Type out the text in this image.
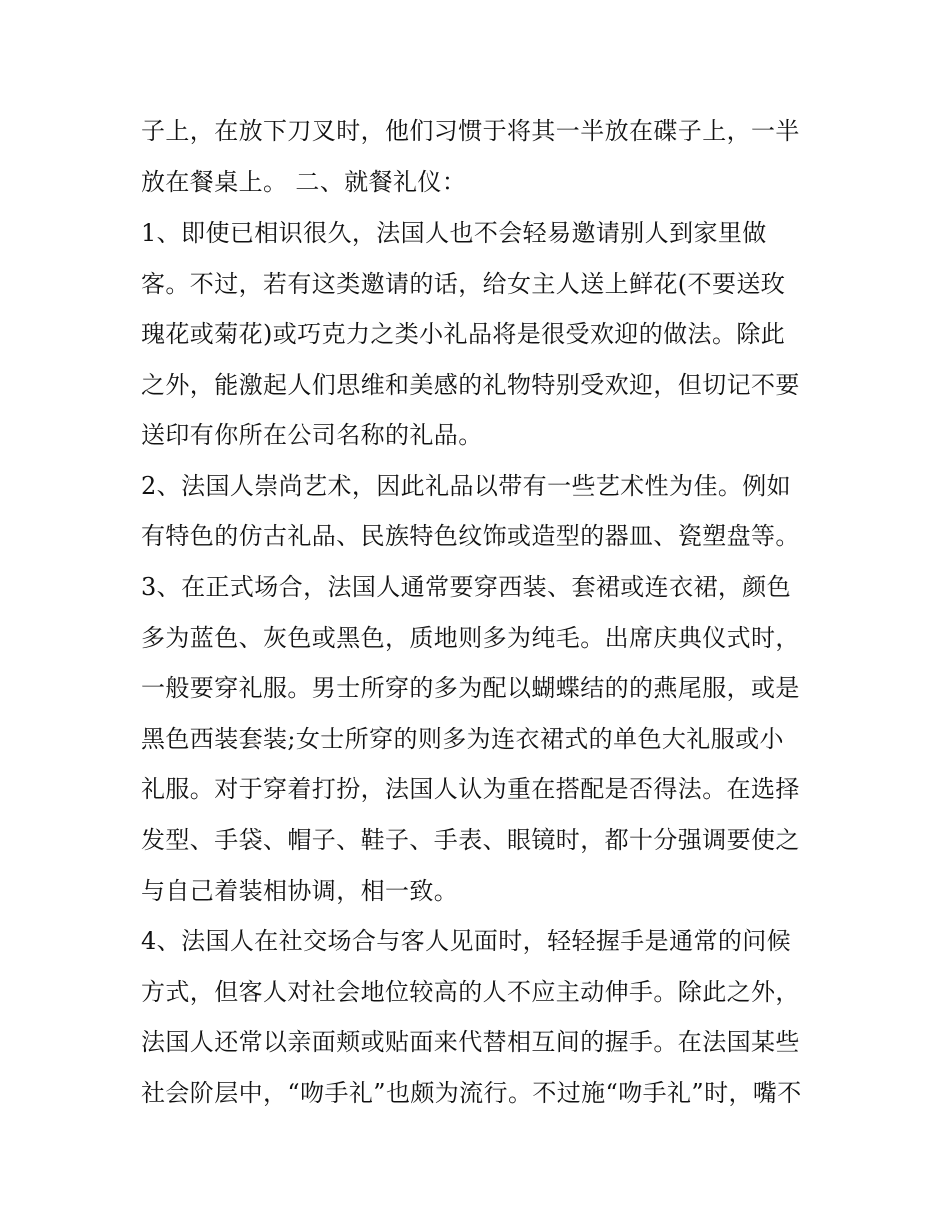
子上，在放下刀叉时，他们习惯于将其一半放在碟子上，一半
放在餐桌上。 二、就餐礼仪：
1、即使已相识很久，法国人也不会轻易邀请别人到家里做
客。不过，若有这类邀请的话，给女主人送上鲜花(不要送玫
瑰花或菊花)或巧克力之类小礼品将是很受欢迎的做法。除此
之外，能激起人们思维和美感的礼物特别受欢迎，但切记不要
送印有你所在公司名称的礼品。
2、法国人崇尚艺术，因此礼品以带有一些艺术性为佳。例如
有特色的仿古礼品、民族特色纹饰或造型的器皿、瓷塑盘等。
3、在正式场合，法国人通常要穿西装、套裙或连衣裙，颜色
多为蓝色、灰色或黑色，质地则多为纯毛。出席庆典仪式时，
一般要穿礼服。男士所穿的多为配以蝴蝶结的的燕尾服，或是
黑色西装套装;女士所穿的则多为连衣裙式的单色大礼服或小
礼服。对于穿着打扮，法国人认为重在搭配是否得法。在选择
发型、手袋、帽子、鞋子、手表、眼镜时，都十分强调要使之
与自己着装相协调，相一致。
4、法国人在社交场合与客人见面时，轻轻握手是通常的问候
方式，但客人对社会地位较高的人不应主动伸手。除此之外，
法国人还常以亲面颊或贴面来代替相互间的握手。在法国某些
社会阶层中，“吻手礼”也颇为流行。不过施“吻手礼”时，嘴不
